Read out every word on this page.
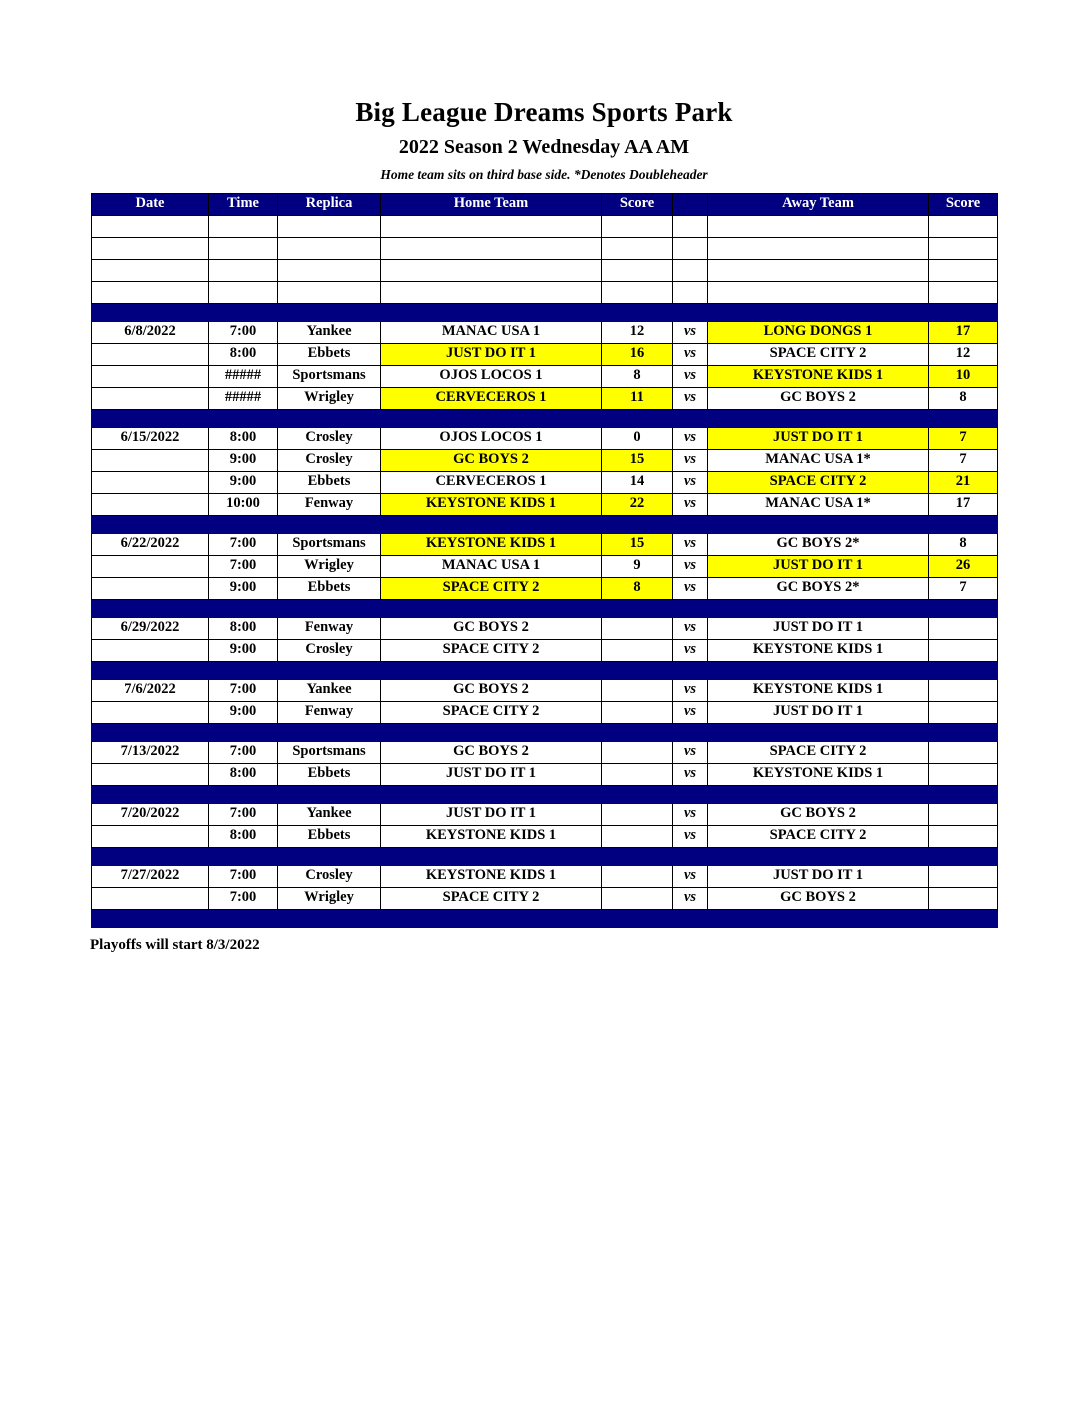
Big League Dreams Sports Park
2022 Season 2 Wednesday AA AM
Home team sits on third base side. *Denotes Doubleheader
Date	Time	Replica	Home Team	Score		Away Team	Score

6/8/2022	7:00	Yankee	MANAC USA 1	12	vs	LONG DONGS 1	17
	8:00	Ebbets	JUST DO IT 1	16	vs	SPACE CITY 2	12
	#####	Sportsmans	OJOS LOCOS 1	8	vs	KEYSTONE KIDS 1	10
	#####	Wrigley	CERVECEROS 1	11	vs	GC BOYS 2	8

6/15/2022	8:00	Crosley	OJOS LOCOS 1	0	vs	JUST DO IT 1	7
	9:00	Crosley	GC BOYS 2	15	vs	MANAC USA 1*	7
	9:00	Ebbets	CERVECEROS 1	14	vs	SPACE CITY 2	21
	10:00	Fenway	KEYSTONE KIDS 1	22	vs	MANAC USA 1*	17

6/22/2022	7:00	Sportsmans	KEYSTONE KIDS 1	15	vs	GC BOYS 2*	8
	7:00	Wrigley	MANAC USA 1	9	vs	JUST DO IT 1	26
	9:00	Ebbets	SPACE CITY 2	8	vs	GC BOYS 2*	7

6/29/2022	8:00	Fenway	GC BOYS 2		vs	JUST DO IT 1	
	9:00	Crosley	SPACE CITY 2		vs	KEYSTONE KIDS 1	

7/6/2022	7:00	Yankee	GC BOYS 2		vs	KEYSTONE KIDS 1	
	9:00	Fenway	SPACE CITY 2		vs	JUST DO IT 1	

7/13/2022	7:00	Sportsmans	GC BOYS 2		vs	SPACE CITY 2	
	8:00	Ebbets	JUST DO IT 1		vs	KEYSTONE KIDS 1	

7/20/2022	7:00	Yankee	JUST DO IT 1		vs	GC BOYS 2	
	8:00	Ebbets	KEYSTONE KIDS 1		vs	SPACE CITY 2	

7/27/2022	7:00	Crosley	KEYSTONE KIDS 1		vs	JUST DO IT 1	
	7:00	Wrigley	SPACE CITY 2		vs	GC BOYS 2	

Playoffs will start 8/3/2022
